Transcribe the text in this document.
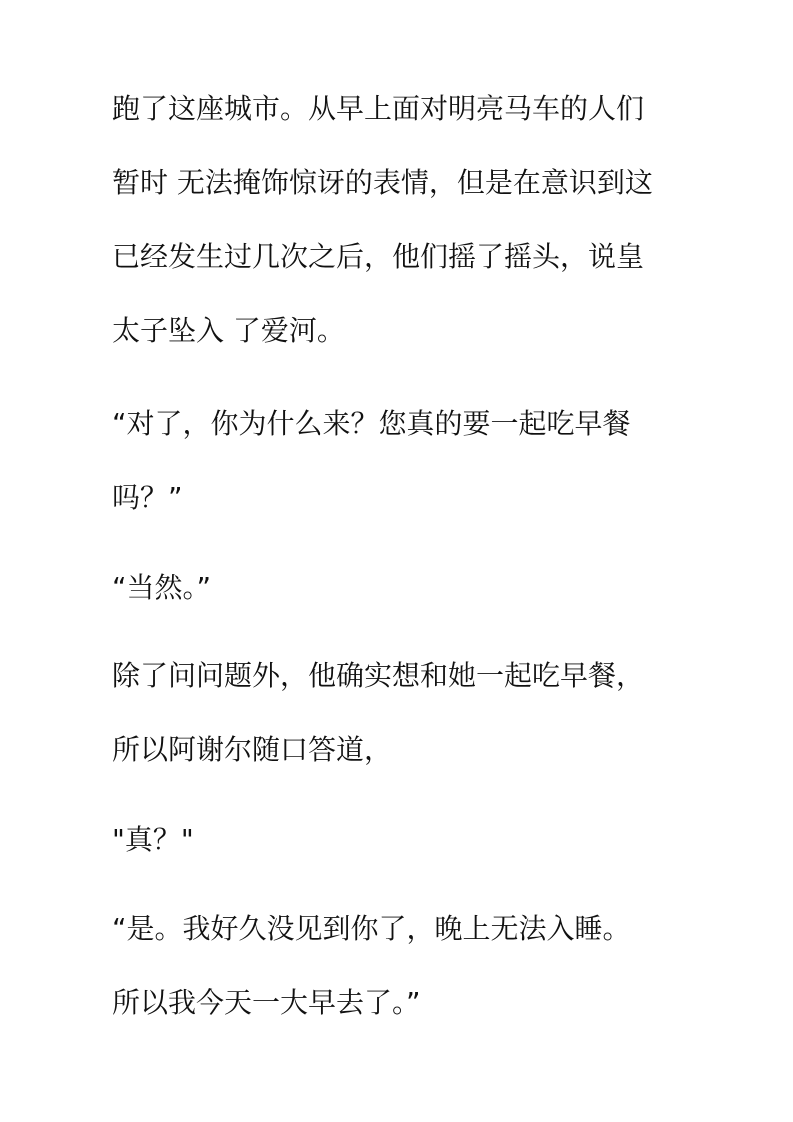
跑了这座城市。从早上面对明亮马车的人们

暂时 无法掩饰惊讶的表情，但是在意识到这

已经发生过几次之后，他们摇了摇头，说皇

太子坠入 了爱河。

“对了，你为什么来？您真的要一起吃早餐

吗？”

“当然。”

除了问问题外，他确实想和她一起吃早餐，

所以阿谢尔随口答道，

"真？"

“是。我好久没见到你了，晚上无法入睡。

所以我今天一大早去了。”
